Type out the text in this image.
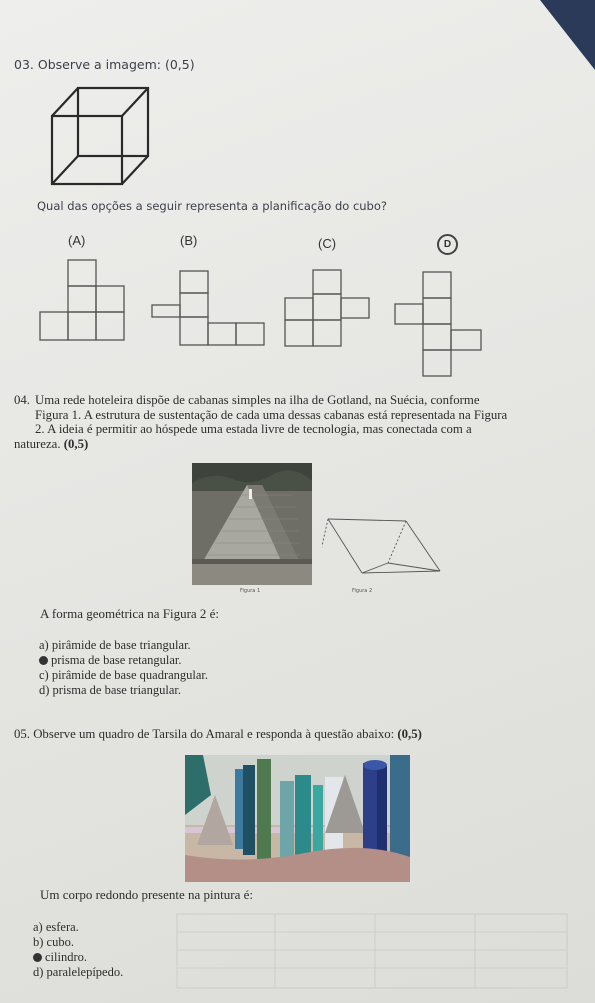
03. Observe a imagem: (0,5)
Qual das opções a seguir representa a planificação do cubo?
(A)	(B)	(C)	D
04. Uma rede hoteleira dispõe de cabanas simples na ilha de Gotland, na Suécia, conforme
Figura 1. A estrutura de sustentação de cada uma dessas cabanas está representada na Figura
2. A ideia é permitir ao hóspede uma estada livre de tecnologia, mas conectada com a
natureza. (0,5)
Figura 1	Figura 2
A forma geométrica na Figura 2 é:
a) pirâmide de base triangular.
prisma de base retangular.
c) pirâmide de base quadrangular.
d) prisma de base triangular.
05. Observe um quadro de Tarsila do Amaral e responda à questão abaixo: (0,5)
Um corpo redondo presente na pintura é:
a) esfera.
b) cubo.
cilindro.
d) paralelepípedo.
